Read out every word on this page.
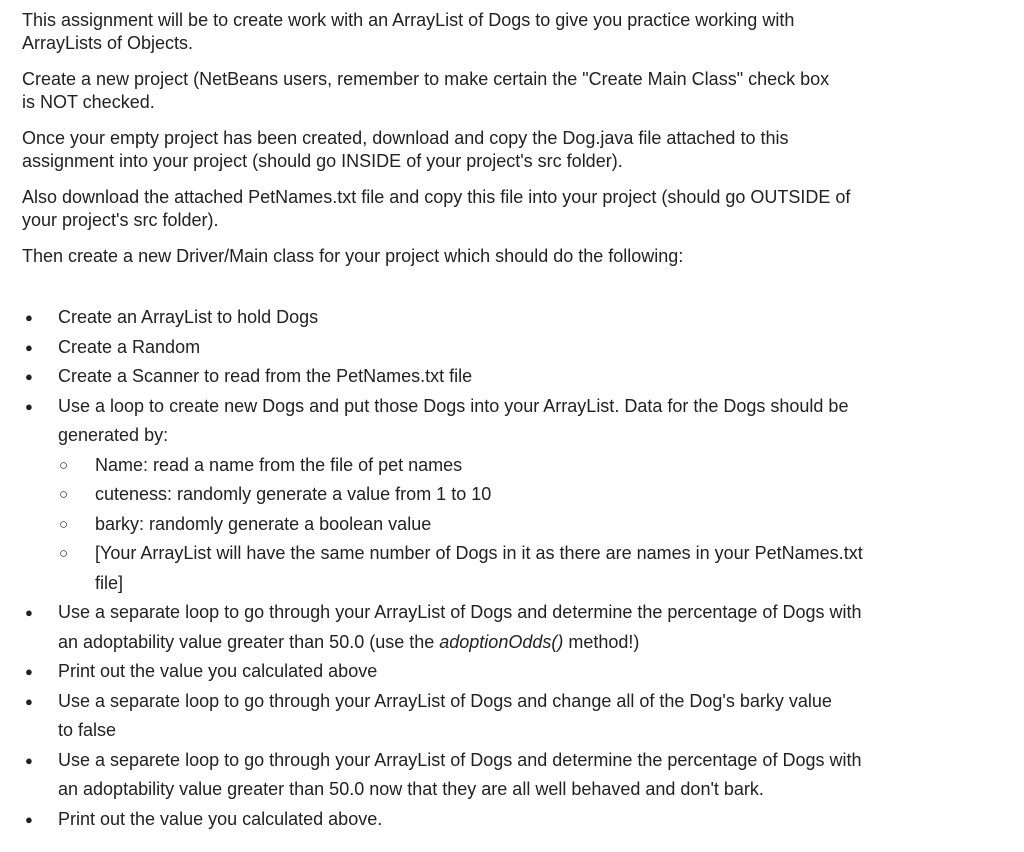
This assignment will be to create work with an ArrayList of Dogs to give you practice working with
ArrayLists of Objects.

Create a new project (NetBeans users, remember to make certain the "Create Main Class" check box
is NOT checked.

Once your empty project has been created, download and copy the Dog.java file attached to this
assignment into your project (should go INSIDE of your project's src folder).

Also download the attached PetNames.txt file and copy this file into your project (should go OUTSIDE of
your project's src folder).

Then create a new Driver/Main class for your project which should do the following:

●	Create an ArrayList to hold Dogs
●	Create a Random
●	Create a Scanner to read from the PetNames.txt file
●	Use a loop to create new Dogs and put those Dogs into your ArrayList. Data for the Dogs should be
generated by:
○ Name: read a name from the file of pet names
○ cuteness: randomly generate a value from 1 to 10
○ barky: randomly generate a boolean value
○ [Your ArrayList will have the same number of Dogs in it as there are names in your PetNames.txt
file]
●	Use a separate loop to go through your ArrayList of Dogs and determine the percentage of Dogs with
an adoptability value greater than 50.0 (use the adoptionOdds() method!)
●	Print out the value you calculated above
●	Use a separate loop to go through your ArrayList of Dogs and change all of the Dog's barky value
to false
●	Use a separete loop to go through your ArrayList of Dogs and determine the percentage of Dogs with
an adoptability value greater than 50.0 now that they are all well behaved and don't bark.
●	Print out the value you calculated above.
